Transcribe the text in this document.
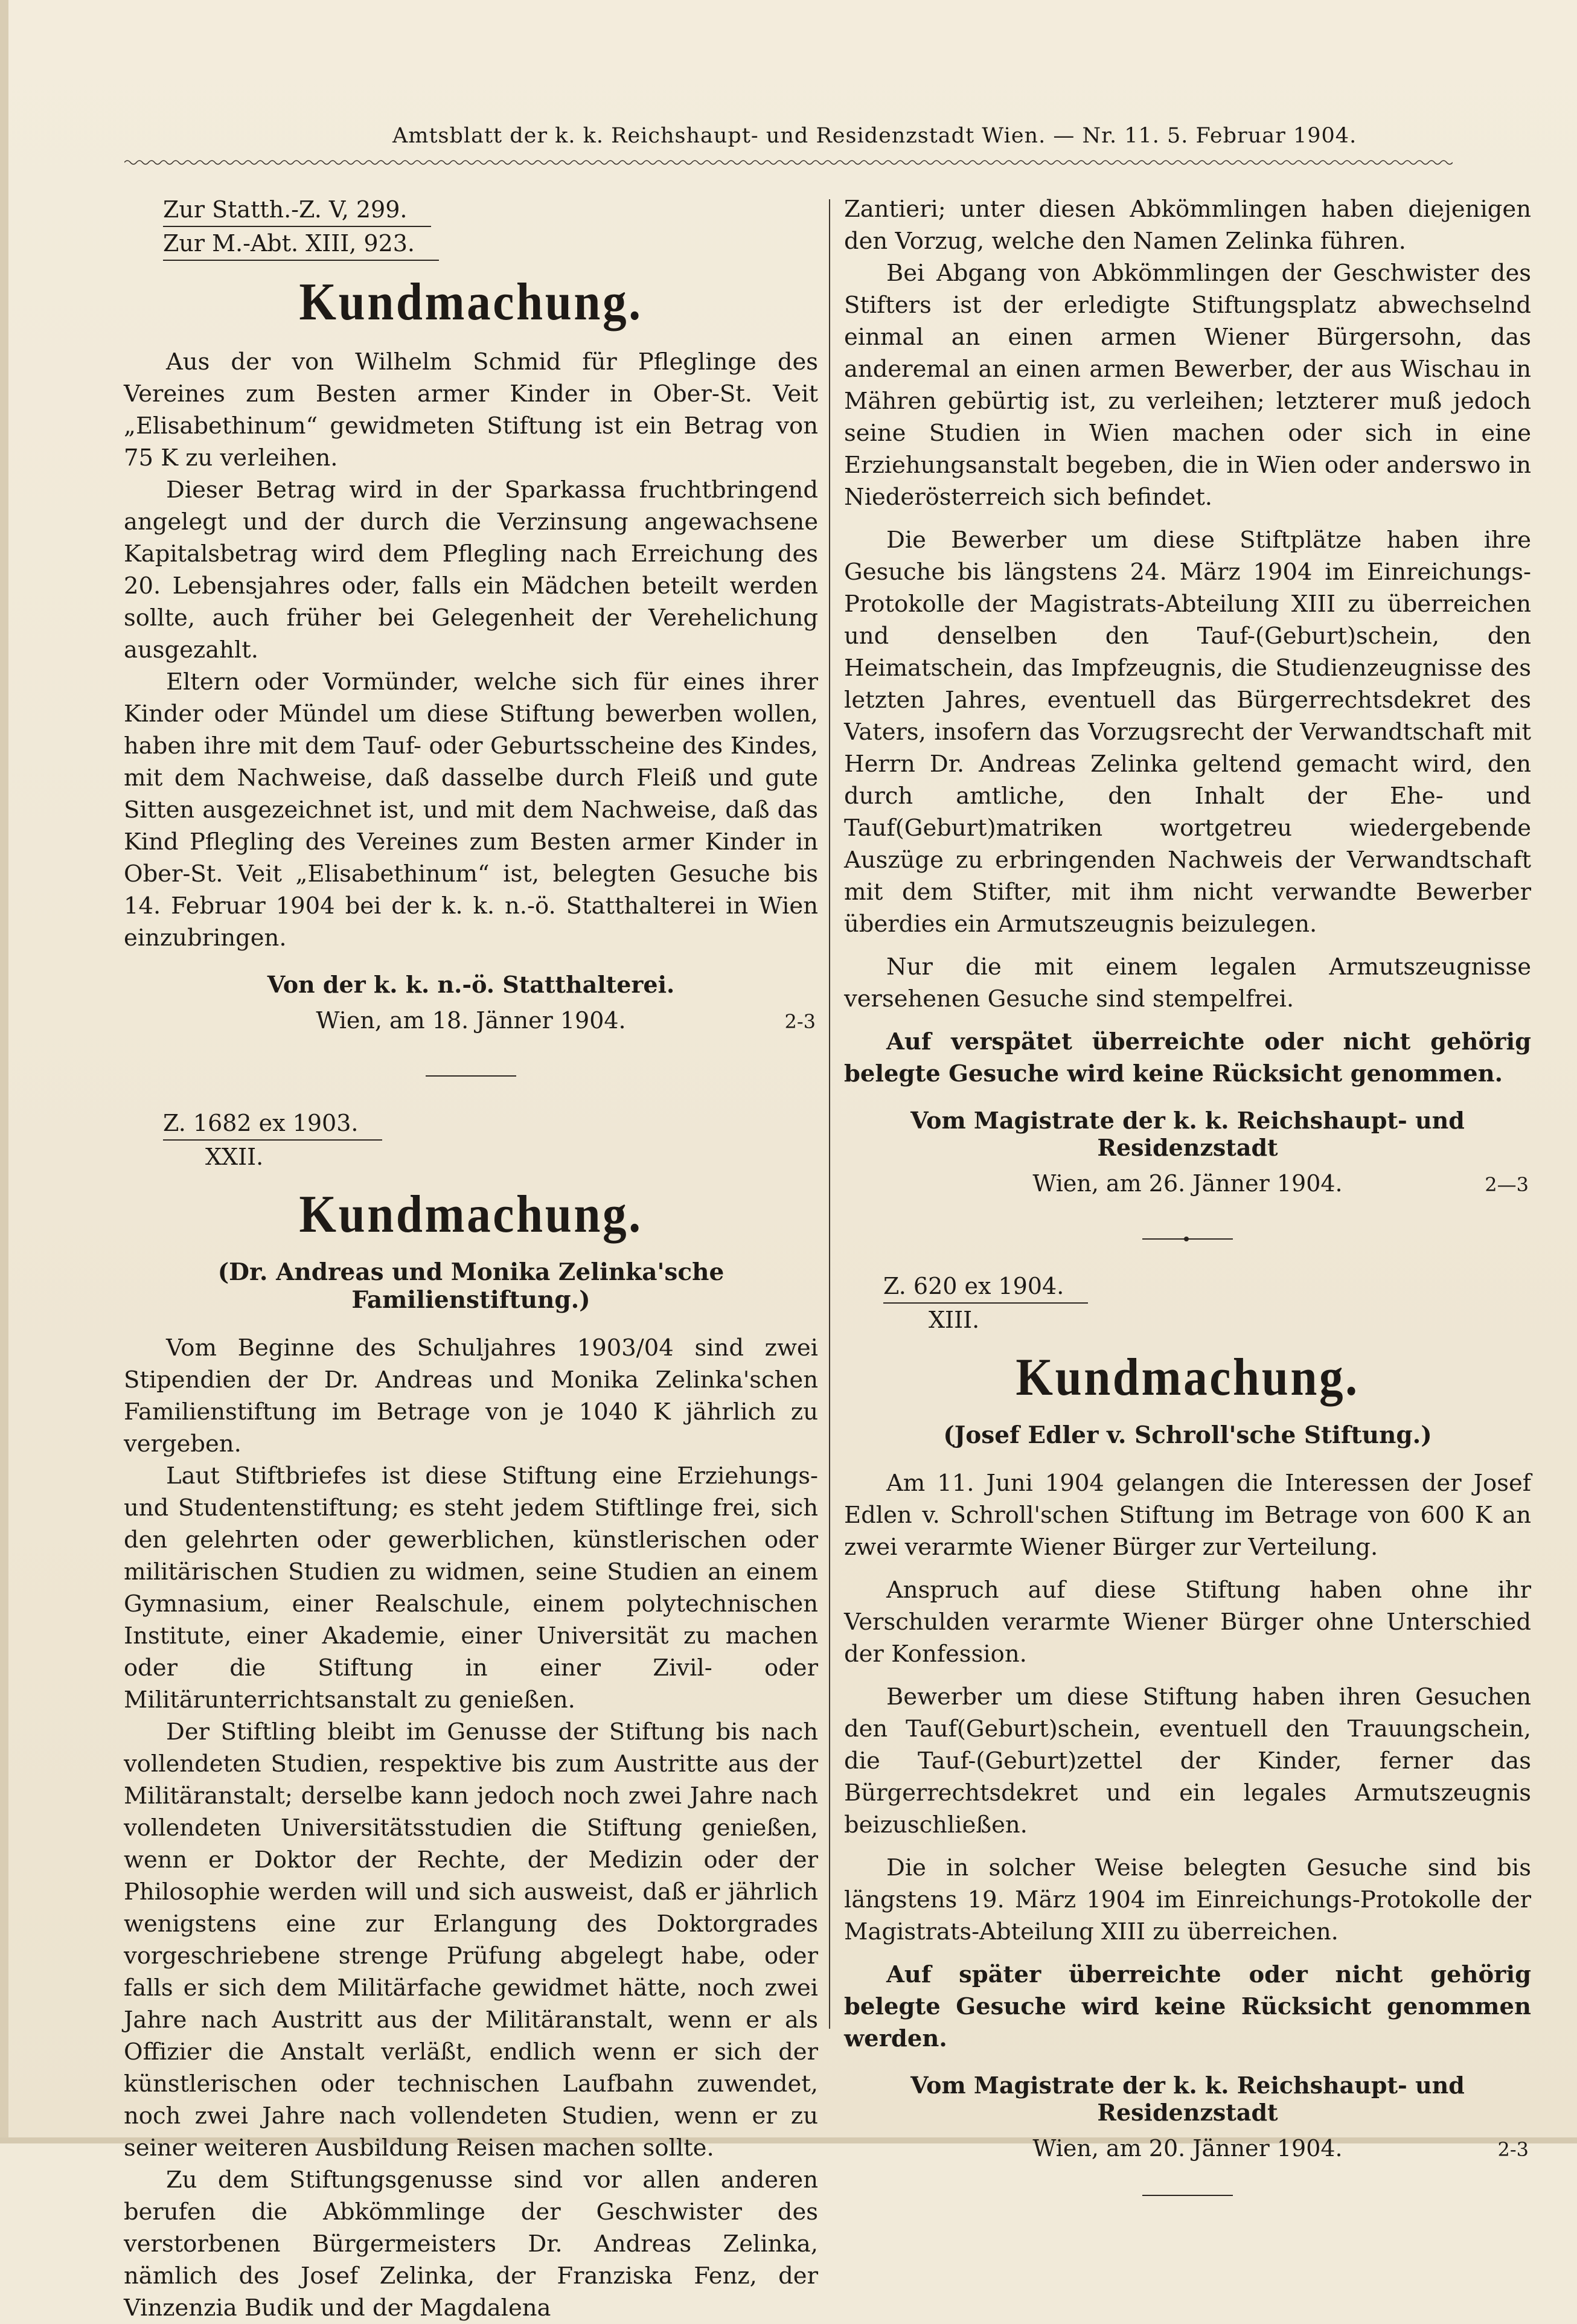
Amtsblatt der k. k. Reichshaupt- und Residenzstadt Wien. — Nr. 11. 5. Februar 1904.
Zur Statth.-Z. V, 299.
Zur M.-Abt. XIII, 923.
Kundmachung.

Aus der von Wilhelm Schmid für Pfleglinge des Vereines zum Besten armer Kinder in Ober-St. Veit „Elisabethinum“ gewidmeten Stiftung ist ein Betrag von 75 K zu verleihen.

Dieser Betrag wird in der Sparkassa fruchtbringend angelegt und der durch die Verzinsung angewachsene Kapitalsbetrag wird dem Pflegling nach Erreichung des 20. Lebensjahres oder, falls ein Mädchen beteilt werden sollte, auch früher bei Gelegenheit der Verehelichung ausgezahlt.

Eltern oder Vormünder, welche sich für eines ihrer Kinder oder Mündel um diese Stiftung bewerben wollen, haben ihre mit dem Tauf- oder Geburtsscheine des Kindes, mit dem Nachweise, daß dasselbe durch Fleiß und gute Sitten ausgezeichnet ist, und mit dem Nachweise, daß das Kind Pflegling des Vereines zum Besten armer Kinder in Ober-St. Veit „Elisabethinum“ ist, belegten Gesuche bis 14. Februar 1904 bei der k. k. n.-ö. Statthalterei in Wien einzubringen.

Von der k. k. n.-ö. Statthalterei.
Wien, am 18. Jänner 1904.	2-3
Z. 1682 ex 1903.
XXII.
Kundmachung.
(Dr. Andreas und Monika Zelinka'sche Familienstiftung.)

Vom Beginne des Schuljahres 1903/04 sind zwei Stipendien der Dr. Andreas und Monika Zelinka'schen Familienstiftung im Betrage von je 1040 K jährlich zu vergeben.

Laut Stiftbriefes ist diese Stiftung eine Erziehungs- und Studentenstiftung; es steht jedem Stiftlinge frei, sich den gelehrten oder gewerblichen, künstlerischen oder militärischen Studien zu widmen, seine Studien an einem Gymnasium, einer Realschule, einem polytechnischen Institute, einer Akademie, einer Universität zu machen oder die Stiftung in einer Zivil- oder Militärunterrichtsanstalt zu genießen.

Der Stiftling bleibt im Genusse der Stiftung bis nach vollendeten Studien, respektive bis zum Austritte aus der Militäranstalt; derselbe kann jedoch noch zwei Jahre nach vollendeten Universitätsstudien die Stiftung genießen, wenn er Doktor der Rechte, der Medizin oder der Philosophie werden will und sich ausweist, daß er jährlich wenigstens eine zur Erlangung des Doktorgrades vorgeschriebene strenge Prüfung abgelegt habe, oder falls er sich dem Militärfache gewidmet hätte, noch zwei Jahre nach Austritt aus der Militäranstalt, wenn er als Offizier die Anstalt verläßt, endlich wenn er sich der künstlerischen oder technischen Laufbahn zuwendet, noch zwei Jahre nach vollendeten Studien, wenn er zu seiner weiteren Ausbildung Reisen machen sollte.

Zu dem Stiftungsgenusse sind vor allen anderen berufen die Abkömmlinge der Geschwister des verstorbenen Bürgermeisters Dr. Andreas Zelinka, nämlich des Josef Zelinka, der Franziska Fenz, der Vinzenzia Budik und der Magdalena

Zantieri; unter diesen Abkömmlingen haben diejenigen den Vorzug, welche den Namen Zelinka führen.

Bei Abgang von Abkömmlingen der Geschwister des Stifters ist der erledigte Stiftungsplatz abwechselnd einmal an einen armen Wiener Bürgersohn, das anderemal an einen armen Bewerber, der aus Wischau in Mähren gebürtig ist, zu verleihen; letzterer muß jedoch seine Studien in Wien machen oder sich in eine Erziehungsanstalt begeben, die in Wien oder anderswo in Niederösterreich sich befindet.

Die Bewerber um diese Stiftplätze haben ihre Gesuche bis längstens 24. März 1904 im Einreichungs-Protokolle der Magistrats-Abteilung XIII zu überreichen und denselben den Tauf-(Geburt)schein, den Heimatschein, das Impfzeugnis, die Studienzeugnisse des letzten Jahres, eventuell das Bürgerrechtsdekret des Vaters, insofern das Vorzugsrecht der Verwandtschaft mit Herrn Dr. Andreas Zelinka geltend gemacht wird, den durch amtliche, den Inhalt der Ehe- und Tauf(Geburt)matriken wortgetreu wiedergebende Auszüge zu erbringenden Nachweis der Verwandtschaft mit dem Stifter, mit ihm nicht verwandte Bewerber überdies ein Armutszeugnis beizulegen.

Nur die mit einem legalen Armutszeugnisse versehenen Gesuche sind stempelfrei.

Auf verspätet überreichte oder nicht gehörig belegte Gesuche wird keine Rücksicht genommen.

Vom Magistrate der k. k. Reichshaupt- und Residenzstadt
Wien, am 26. Jänner 1904.	2—3
Z. 620 ex 1904.
XIII.
Kundmachung.
(Josef Edler v. Schroll'sche Stiftung.)

Am 11. Juni 1904 gelangen die Interessen der Josef Edlen v. Schroll'schen Stiftung im Betrage von 600 K an zwei verarmte Wiener Bürger zur Verteilung.

Anspruch auf diese Stiftung haben ohne ihr Verschulden verarmte Wiener Bürger ohne Unterschied der Konfession.

Bewerber um diese Stiftung haben ihren Gesuchen den Tauf(Geburt)schein, eventuell den Trauungschein, die Tauf-(Geburt)zettel der Kinder, ferner das Bürgerrechtsdekret und ein legales Armutszeugnis beizuschließen.

Die in solcher Weise belegten Gesuche sind bis längstens 19. März 1904 im Einreichungs-Protokolle der Magistrats-Abteilung XIII zu überreichen.

Auf später überreichte oder nicht gehörig belegte Gesuche wird keine Rücksicht genommen werden.

Vom Magistrate der k. k. Reichshaupt- und Residenzstadt
Wien, am 20. Jänner 1904.	2-3
